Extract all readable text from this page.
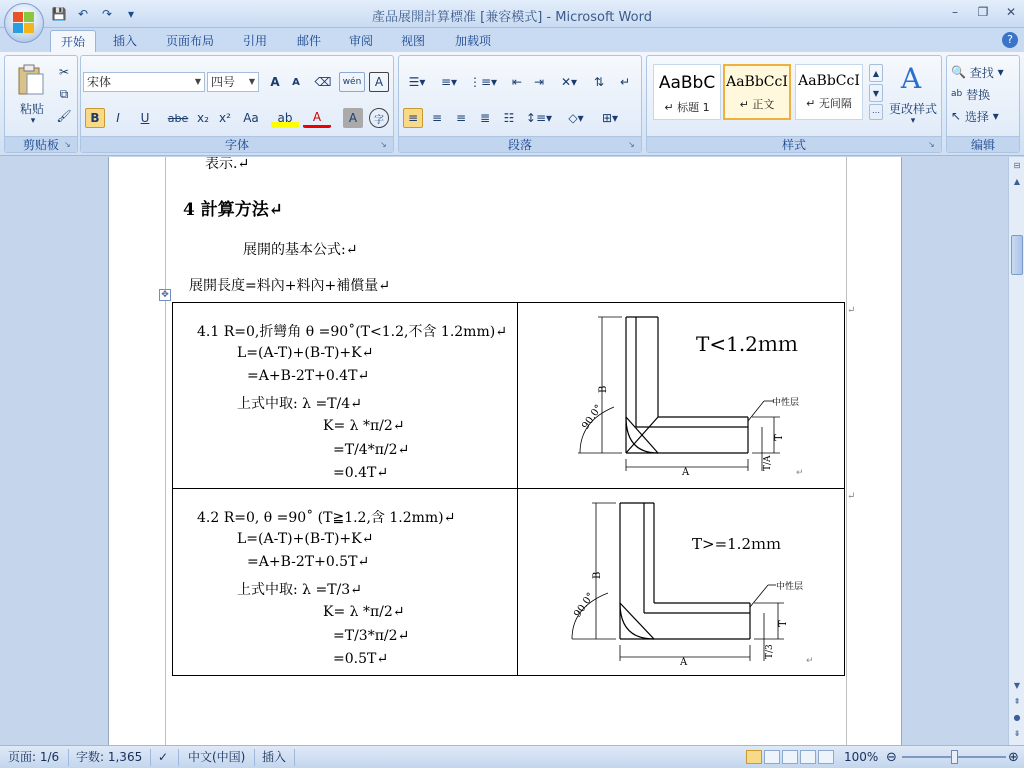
💾 ↶	↷	▾	產品展開計算標准 [兼容模式] - Microsoft Word	–	❐	✕
开始	插入	页面布局	引用	邮件	审阅	视图	加载项	?
粘贴
▾
✂
⧉
🖌
剪贴板 ↘
宋体	▼ 四号 ▼	A	A	⌫	wén	A
B	I	U	abe x₂ x²	Aa	ab	A	A	字
字体	↘
☰▾	≡▾ ⋮≡▾	⇤ ⇥	✕▾	⇅	↵
≡	≡	≡	≣	☷ ↕≡▾	◇▾	⊞▾
段落	↘
AaBbC
↵ 标题 1
AaBbCcI
↵ 正文
AaBbCcI
↵ 无间隔
▲
▼
⋯
A
更改样式
▾
样式	↘
🔍
查找 ▾
ab
替换
↖
选择 ▾
编辑
表示.↵
4 計算方法↵
展開的基本公式:↵
展開長度=料內+料內+補償量↵
✥
4.1 R=0,折彎角 θ =90˚(T<1.2,不含 1.2mm)↵
L=(A-T)+(B-T)+K↵
=A+B-2T+0.4T↵
上式中取: λ =T/4↵
K= λ *π/2↵
=T/4*π/2↵
=0.4T↵
T<1.2ｍｍ
中性层
B
90.0°
A
T
T/A
↵
4.2 R=0, θ =90˚ (T≧1.2,含 1.2mm)↵
L=(A-T)+(B-T)+K↵
=A+B-2T+0.5T↵
上式中取: λ =T/3↵
K= λ *π/2↵
=T/3*π/2↵
=0.5T↵
T>=1.2ｍｍ
中性层
B
90.0°
A
T
T/3
↵
↵
↵
⊟
▲
▼
⇞
●
⇟
页面: 1/6 字数: 1,365 ✓ 中文(中国) 插入	100% ⊖	⊕
